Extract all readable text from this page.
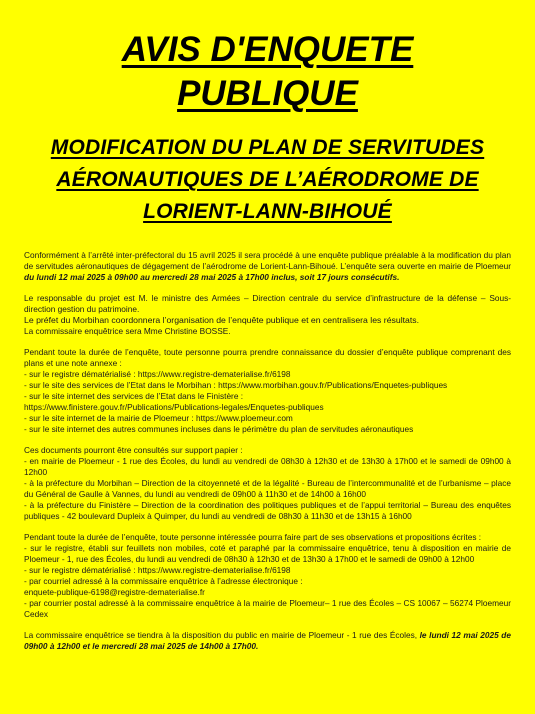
AVIS D'ENQUETE
PUBLIQUE
MODIFICATION DU PLAN DE SERVITUDES
AÉRONAUTIQUES DE L’AÉRODROME DE
LORIENT-LANN-BIHOUÉ

Conformément à l’arrêté inter-préfectoral du 15 avril 2025 il sera procédé à une enquête publique préalable à la modification du plan de servitudes aéronautiques de dégagement de l’aérodrome de Lorient-Lann-Bihoué. L’enquête sera ouverte en mairie de Ploemeur du lundi 12 mai 2025 à 09h00 au mercredi 28 mai 2025 à 17h00 inclus, soit 17 jours consécutifs.

Le responsable du projet est M. le ministre des Armées – Direction centrale du service d’infrastructure de la défense – Sous-direction gestion du patrimoine.
Le préfet du Morbihan coordonnera l’organisation de l’enquête publique et en centralisera les résultats.
La commissaire enquêtrice sera Mme Christine BOSSE.

Pendant toute la durée de l’enquête, toute personne pourra prendre connaissance du dossier d’enquête publique comprenant des plans et une note annexe :
- sur le registre dématérialisé : https://www.registre-dematerialise.fr/6198
- sur le site des services de l’Etat dans le Morbihan : https://www.morbihan.gouv.fr/Publications/Enquetes-publiques
- sur le site internet des services de l’Etat dans le Finistère :
https://www.finistere.gouv.fr/Publications/Publications-legales/Enquetes-publiques
- sur le site internet de la mairie de Ploemeur : https://www.ploemeur.com
- sur le site internet des autres communes incluses dans le périmètre du plan de servitudes aéronautiques

Ces documents pourront être consultés sur support papier :
- en mairie de Ploemeur - 1 rue des Écoles, du lundi au vendredi de 08h30 à 12h30 et de 13h30 à 17h00 et le samedi de 09h00 à 12h00
- à la préfecture du Morbihan – Direction de la citoyenneté et de la légalité - Bureau de l’intercommunalité et de l’urbanisme – place du Général de Gaulle à Vannes, du lundi au vendredi de 09h00 à 11h30 et de 14h00 à 16h00
- à la préfecture du Finistère – Direction de la coordination des politiques publiques et de l’appui territorial – Bureau des enquêtes publiques - 42 boulevard Dupleix à Quimper, du lundi au vendredi de 08h30 à 11h30 et de 13h15 à 16h00

Pendant toute la durée de l’enquête, toute personne intéressée pourra faire part de ses observations et propositions écrites :
- sur le registre, établi sur feuillets non mobiles, coté et paraphé par la commissaire enquêtrice, tenu à disposition en mairie de Ploemeur - 1, rue des Écoles, du lundi au vendredi de 08h30 à 12h30 et de 13h30 à 17h00 et le samedi de 09h00 à 12h00
- sur le registre dématérialisé : https://www.registre-dematerialise.fr/6198
- par courriel adressé à la commissaire enquêtrice à l’adresse électronique :
enquete-publique-6198@registre-dematerialise.fr
- par courrier postal adressé à la commissaire enquêtrice à la mairie de Ploemeur– 1 rue des Écoles – CS 10067 – 56274 Ploemeur Cedex

La commissaire enquêtrice se tiendra à la disposition du public en mairie de Ploemeur - 1 rue des Écoles, le lundi 12 mai 2025 de 09h00 à 12h00 et le mercredi 28 mai 2025 de 14h00 à 17h00.
